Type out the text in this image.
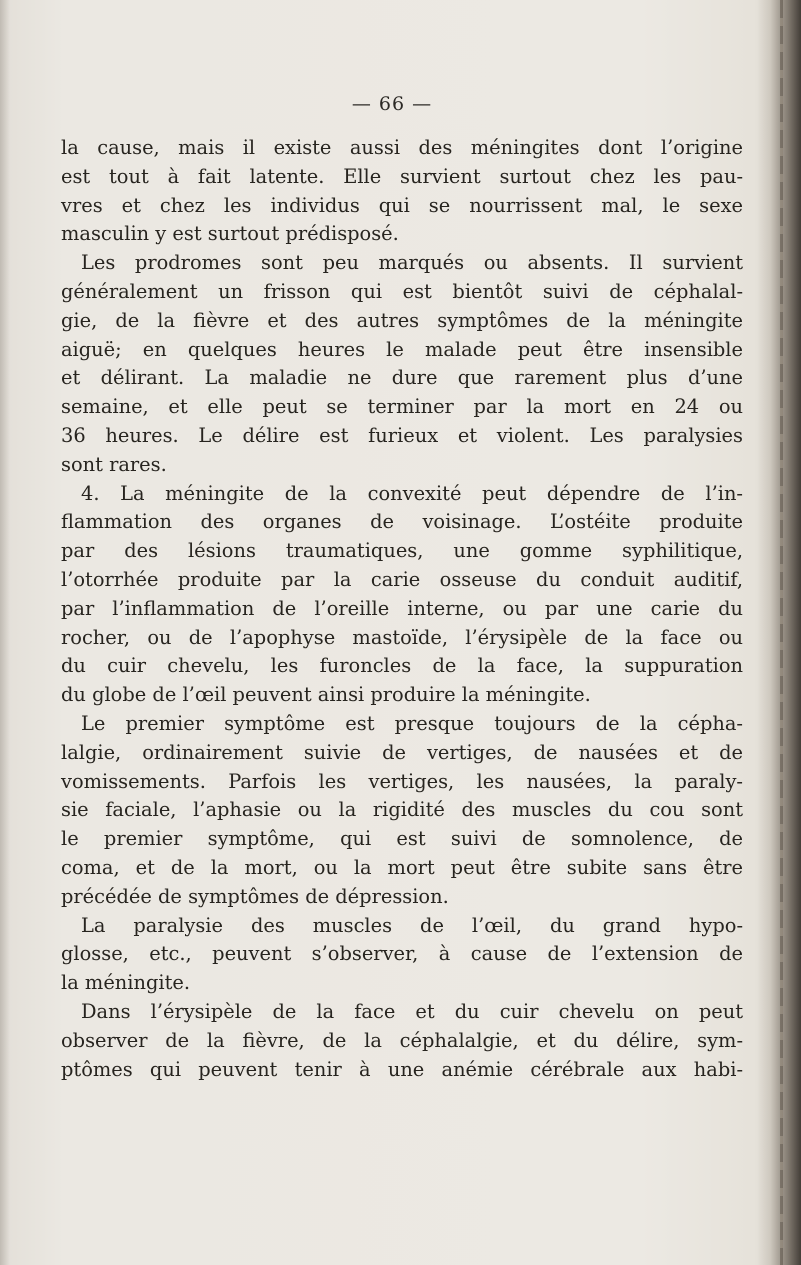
— 66 —
la cause, mais il existe aussi des méningites dont l’origine
est tout à fait latente. Elle survient surtout chez les pau-
vres et chez les individus qui se nourrissent mal, le sexe
masculin y est surtout prédisposé.
Les prodromes sont peu marqués ou absents. Il survient
généralement un frisson qui est bientôt suivi de céphalal-
gie, de la fièvre et des autres symptômes de la méningite
aiguë; en quelques heures le malade peut être insensible
et délirant. La maladie ne dure que rarement plus d’une
semaine, et elle peut se terminer par la mort en 24 ou
36 heures. Le délire est furieux et violent. Les paralysies
sont rares.
4. La méningite de la convexité peut dépendre de l’in-
flammation des organes de voisinage. L’ostéite produite
par des lésions traumatiques, une gomme syphilitique,
l’otorrhée produite par la carie osseuse du conduit auditif,
par l’inflammation de l’oreille interne, ou par une carie du
rocher, ou de l’apophyse mastoïde, l’érysipèle de la face ou
du cuir chevelu, les furoncles de la face, la suppuration
du globe de l’œil peuvent ainsi produire la méningite.
Le premier symptôme est presque toujours de la cépha-
lalgie, ordinairement suivie de vertiges, de nausées et de
vomissements. Parfois les vertiges, les nausées, la paraly-
sie faciale, l’aphasie ou la rigidité des muscles du cou sont
le premier symptôme, qui est suivi de somnolence, de
coma, et de la mort, ou la mort peut être subite sans être
précédée de symptômes de dépression.
La paralysie des muscles de l’œil, du grand hypo-
glosse, etc., peuvent s’observer, à cause de l’extension de
la méningite.
Dans l’érysipèle de la face et du cuir chevelu on peut
observer de la fièvre, de la céphalalgie, et du délire, sym-
ptômes qui peuvent tenir à une anémie cérébrale aux habi-
